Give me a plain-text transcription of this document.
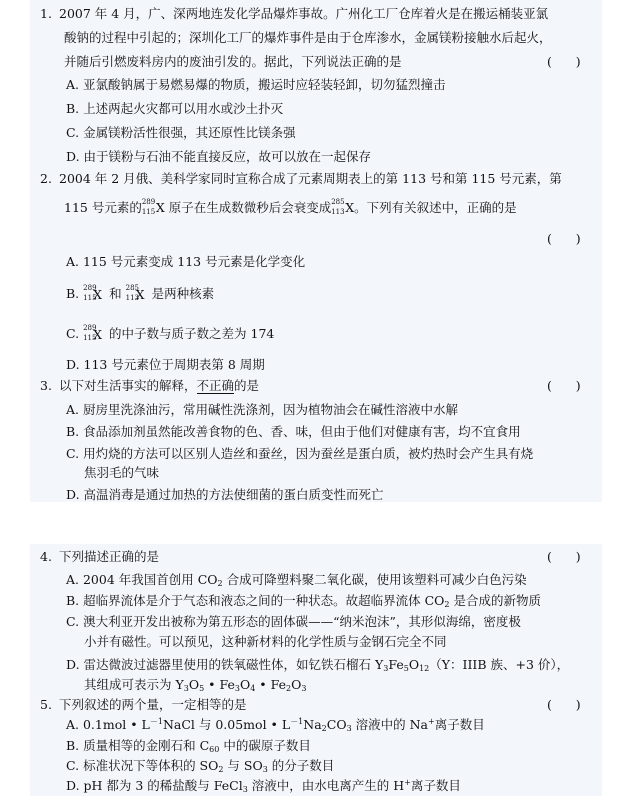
1. 2007 年 4 月，广、深两地连发化学品爆炸事故。广州化工厂仓库着火是在搬运桶装亚氯
酸钠的过程中引起的；深圳化工厂的爆炸事件是由于仓库渗水，金属镁粉接触水后起火，
并随后引燃废料房内的废油引发的。据此，下列说法正确的是	(      )
A. 亚氯酸钠属于易燃易爆的物质，搬运时应轻装轻卸，切勿猛烈撞击
B. 上述两起火灾都可以用水或沙土扑灭
C. 金属镁粉活性很强，其还原性比镁条强
D. 由于镁粉与石油不能直接反应，故可以放在一起保存
2. 2004 年 2 月俄、美科学家同时宣称合成了元素周期表上的第 113 号和第 115 号元素，第
115 号元素的 289
115 X 原子在生成数微秒后会衰变成 285
113 X。下列有关叙述中，正确的是
(      )
A. 115 号元素变成 113 号元素是化学变化
B. 289
115
X 和 285
113
X 是两种核素
C. 289
115
X 的中子数与质子数之差为 174
D. 113 号元素位于周期表第 8 周期
3. 以下对生活事实的解释，不正确的是	(      )
A. 厨房里洗涤油污，常用碱性洗涤剂，因为植物油会在碱性溶液中水解
B. 食品添加剂虽然能改善食物的色、香、味，但由于他们对健康有害，均不宜食用
C. 用灼烧的方法可以区别人造丝和蚕丝，因为蚕丝是蛋白质，被灼热时会产生具有烧
焦羽毛的气味
D. 高温消毒是通过加热的方法使细菌的蛋白质变性而死亡
4. 下列描述正确的是	(      )
A. 2004 年我国首创用 $CO_2$ 合成可降塑料聚二氧化碳，使用该塑料可减少白色污染
B. 超临界流体是介于气态和液态之间的一种状态。故超临界流体 $CO_2$ 是合成的新物质
C. 澳大利亚开发出被称为第五形态的固体碳——“纳米泡沫”，其形似海绵，密度极
小并有磁性。可以预见，这种新材料的化学性质与金钢石完全不同
D. 雷达微波过滤器里使用的铁氧磁性体，如钇铁石榴石 $Y_3Fe_5O_{12}(Y$：IIIB 族、+3 价），
其组成可表示为 $Y_3O_5$ • $Fe_3O_4$ • $Fe_2O_3$
5. 下列叙述的两个量，一定相等的是	(      )
A. 0.1mol • $L^{-1}NaCl$ 与 0.05mol • $L^{-1}Na_2CO_3$ 溶液中的 Na+离子数目
B. 质量相等的金刚石和 $C_{60}$ 中的碳原子数目
C. 标准状况下等体积的 $SO_2$ 与 $SO_3$ 的分子数目
D. pH 都为 3 的稀盐酸与 FeCl$_3$ 溶液中，由水电离产生的 H+离子数目
